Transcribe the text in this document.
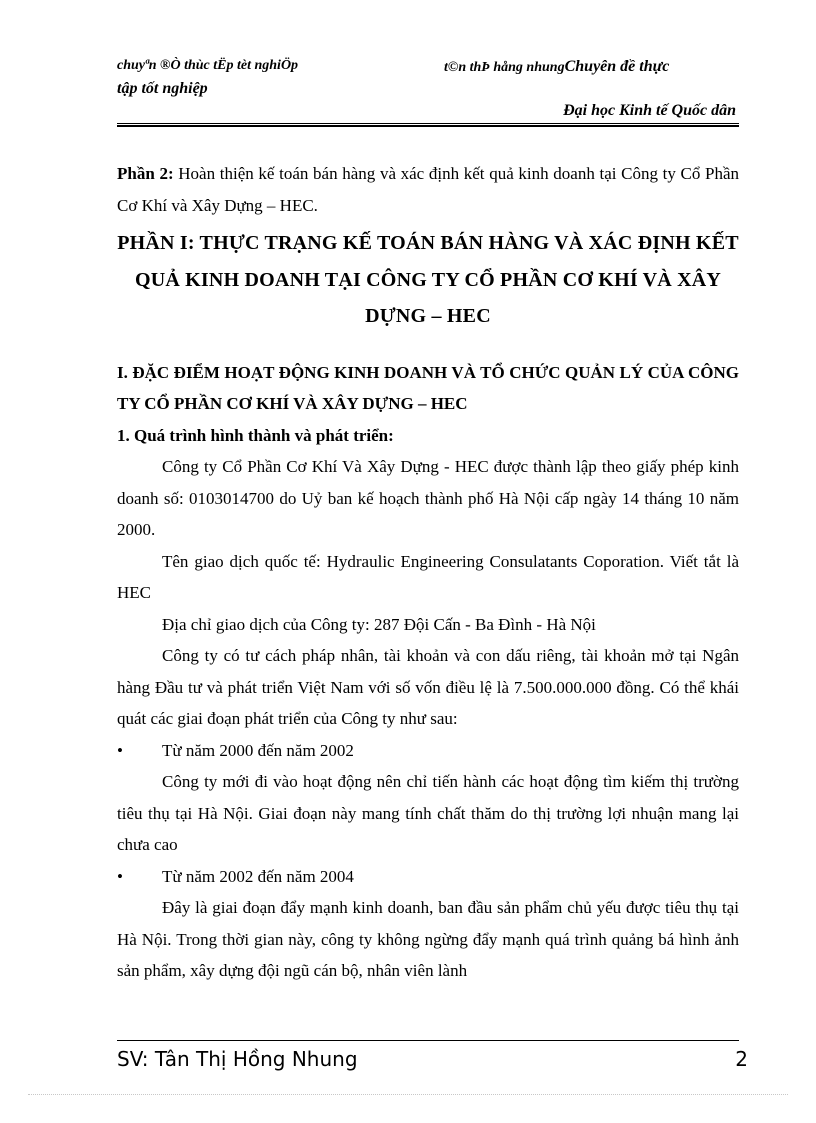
chuyªn ®Ò thùc tËp tèt nghiÖp	t©n thÞ hång nhungChuyên đề thực
tập tốt nghiệp
Đại học Kinh tế Quốc dân

Phần 2: Hoàn thiện kế toán bán hàng và xác định kết quả kinh doanh tại Công ty Cổ Phần Cơ Khí và Xây Dựng – HEC.

PHẦN I: THỰC TRẠNG KẾ TOÁN BÁN HÀNG VÀ XÁC ĐỊNH KẾT QUẢ KINH DOANH TẠI CÔNG TY CỔ PHẦN CƠ KHÍ VÀ XÂY DỰNG – HEC

I. ĐẶC ĐIỂM HOẠT ĐỘNG KINH DOANH VÀ TỔ CHỨC QUẢN LÝ CỦA CÔNG TY CỔ PHẦN CƠ KHÍ VÀ XÂY DỰNG – HEC

1. Quá trình hình thành và phát triển:

Công ty Cổ Phần Cơ Khí Và Xây Dựng - HEC được thành lập theo giấy phép kinh doanh số: 0103014700 do Uỷ ban kế hoạch thành phố Hà Nội cấp ngày 14 tháng 10 năm 2000.

Tên giao dịch quốc tế: Hydraulic Engineering Consulatants Coporation. Viết tắt là HEC

Địa chỉ giao dịch của Công ty: 287 Đội Cấn - Ba Đình - Hà Nội

Công ty có tư cách pháp nhân, tài khoản và con dấu riêng, tài khoản mở tại Ngân hàng Đầu tư và phát triển Việt Nam với số vốn điều lệ là 7.500.000.000 đồng. Có thể khái quát các giai đoạn phát triển của Công ty như sau:

•	Từ năm 2000 đến năm 2002

Công ty mới đi vào hoạt động nên chỉ tiến hành các hoạt động tìm kiếm thị trường tiêu thụ tại Hà Nội. Giai đoạn này mang tính chất thăm do thị trường lợi nhuận mang lại chưa cao

•	Từ năm 2002 đến năm 2004

Đây là giai đoạn đẩy mạnh kinh doanh, ban đầu sản phẩm chủ yếu được tiêu thụ tại Hà Nội. Trong thời gian này, công ty không ngừng đẩy mạnh quá trình quảng bá hình ảnh sản phẩm, xây dựng đội ngũ cán bộ, nhân viên lành

SV: Tân Thị Hồng Nhung	2
